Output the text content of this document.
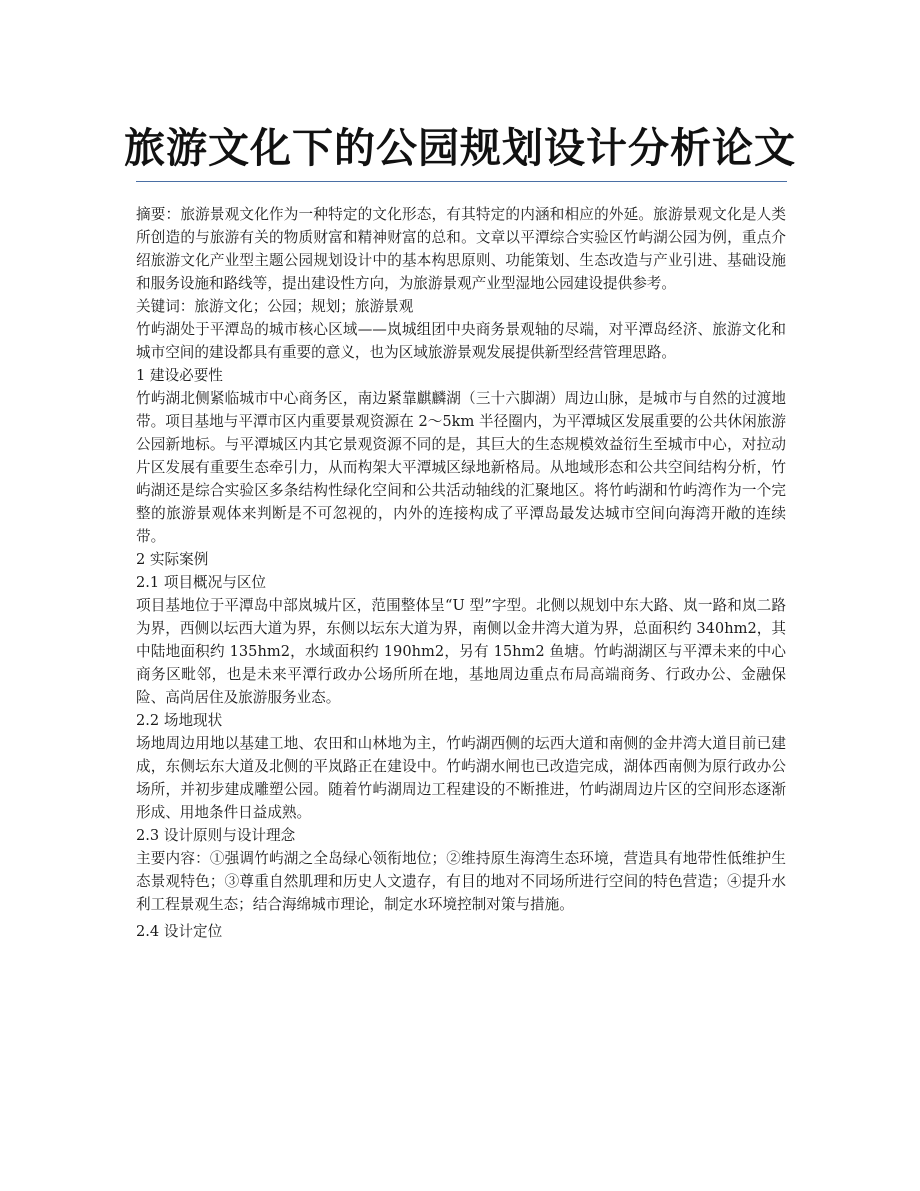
旅游文化下的公园规划设计分析论文

摘要：旅游景观文化作为一种特定的文化形态，有其特定的内涵和相应的外延。旅游景观文化是人类所创造的与旅游有关的物质财富和精神财富的总和。文章以平潭综合实验区竹屿湖公园为例，重点介绍旅游文化产业型主题公园规划设计中的基本构思原则、功能策划、生态改造与产业引进、基础设施和服务设施和路线等，提出建设性方向，为旅游景观产业型湿地公园建设提供参考。

关键词：旅游文化；公园；规划；旅游景观

竹屿湖处于平潭岛的城市核心区域——岚城组团中央商务景观轴的尽端，对平潭岛经济、旅游文化和城市空间的建设都具有重要的意义，也为区域旅游景观发展提供新型经营管理思路。

1 建设必要性

竹屿湖北侧紧临城市中心商务区，南边紧靠麒麟湖（三十六脚湖）周边山脉，是城市与自然的过渡地带。项目基地与平潭市区内重要景观资源在 2～5km 半径圈内，为平潭城区发展重要的公共休闲旅游公园新地标。与平潭城区内其它景观资源不同的是，其巨大的生态规模效益衍生至城市中心，对拉动片区发展有重要生态牵引力，从而构架大平潭城区绿地新格局。从地域形态和公共空间结构分析，竹屿湖还是综合实验区多条结构性绿化空间和公共活动轴线的汇聚地区。将竹屿湖和竹屿湾作为一个完整的旅游景观体来判断是不可忽视的，内外的连接构成了平潭岛最发达城市空间向海湾开敞的连续带。

2 实际案例

2.1 项目概况与区位

项目基地位于平潭岛中部岚城片区，范围整体呈“U 型”字型。北侧以规划中东大路、岚一路和岚二路为界，西侧以坛西大道为界，东侧以坛东大道为界，南侧以金井湾大道为界，总面积约 340hm2，其中陆地面积约 135hm2，水域面积约 190hm2，另有 15hm2 鱼塘。竹屿湖湖区与平潭未来的中心商务区毗邻，也是未来平潭行政办公场所所在地，基地周边重点布局高端商务、行政办公、金融保险、高尚居住及旅游服务业态。

2.2 场地现状

场地周边用地以基建工地、农田和山林地为主，竹屿湖西侧的坛西大道和南侧的金井湾大道目前已建成，东侧坛东大道及北侧的平岚路正在建设中。竹屿湖水闸也已改造完成，湖体西南侧为原行政办公场所，并初步建成雕塑公园。随着竹屿湖周边工程建设的不断推进，竹屿湖周边片区的空间形态逐渐形成、用地条件日益成熟。

2.3 设计原则与设计理念

主要内容：①强调竹屿湖之全岛绿心领衔地位；②维持原生海湾生态环境，营造具有地带性低维护生态景观特色；③尊重自然肌理和历史人文遗存，有目的地对不同场所进行空间的特色营造；④提升水利工程景观生态；结合海绵城市理论，制定水环境控制对策与措施。

2.4 设计定位
